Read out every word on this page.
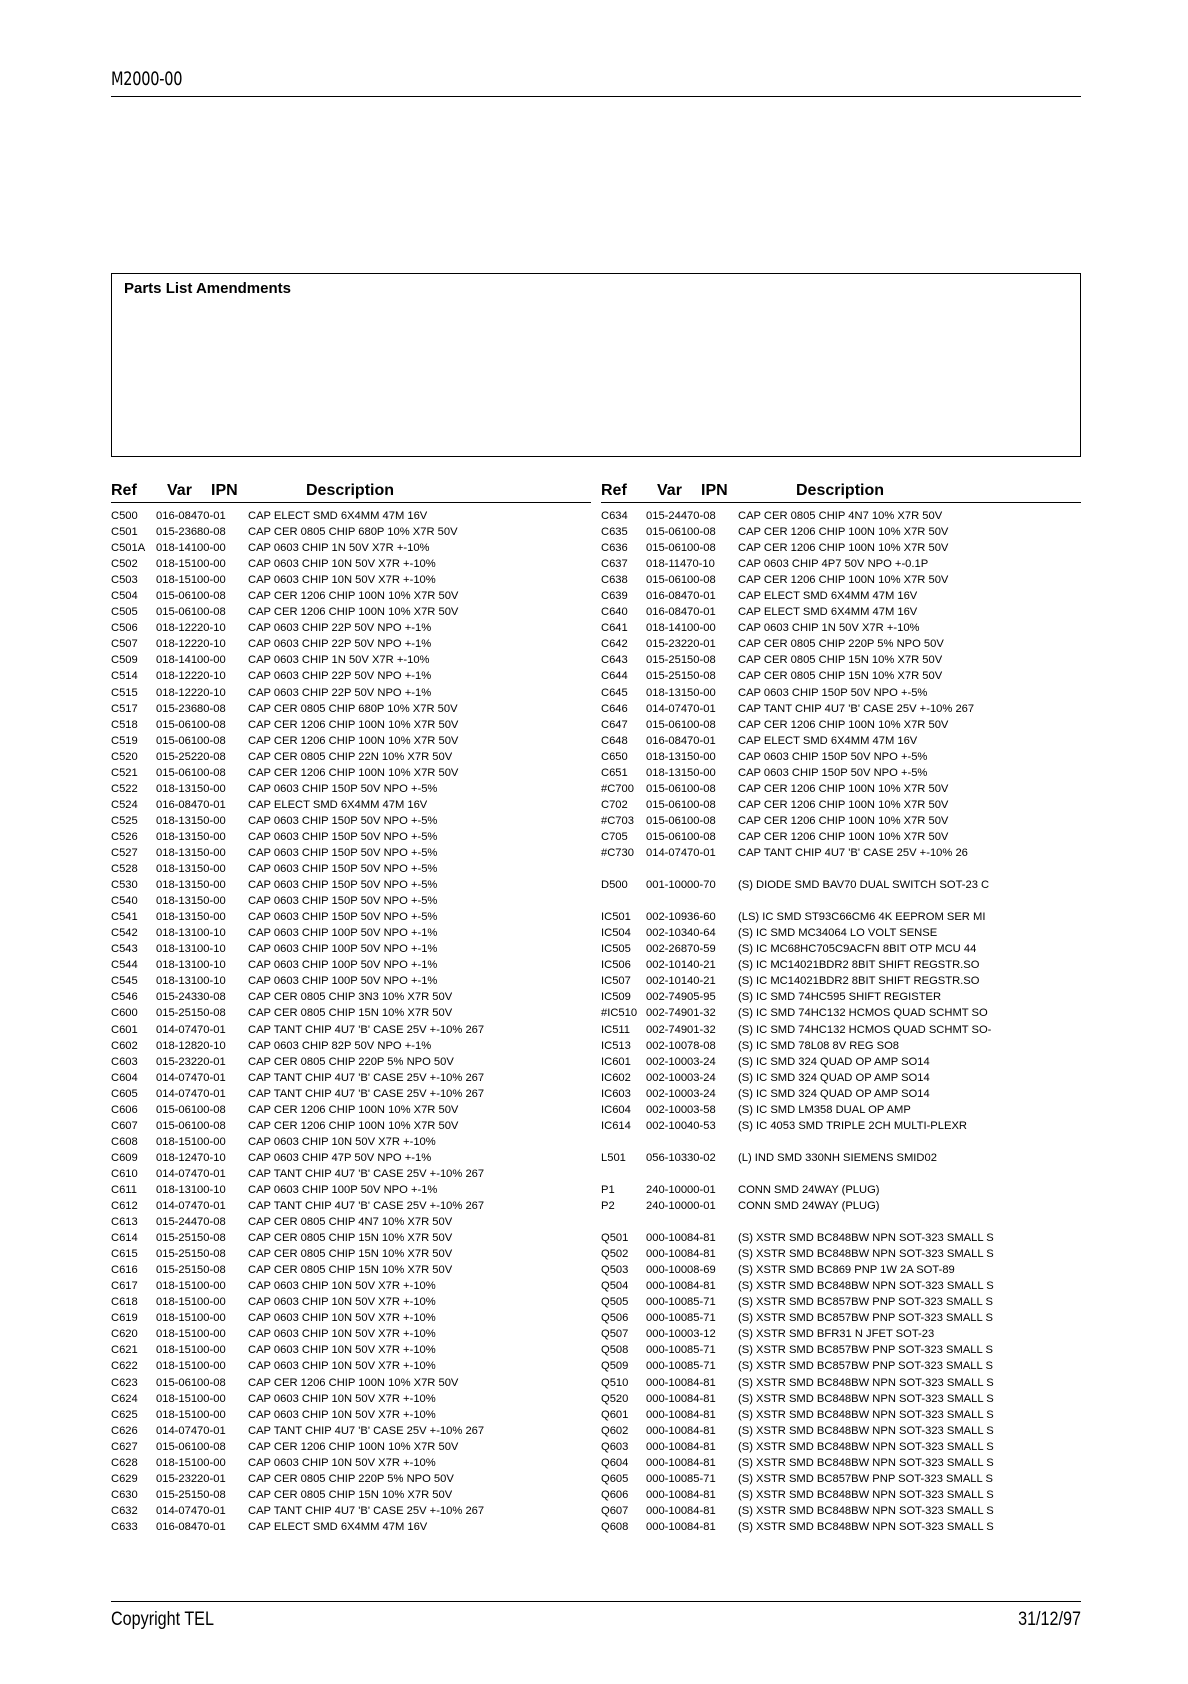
M2000-00
Parts List Amendments
Ref Var IPN	Description
C500 016-08470-01 CAP ELECT SMD 6X4MM 47M 16V
C501 015-23680-08 CAP CER 0805 CHIP 680P 10% X7R 50V
C501A 018-14100-00 CAP 0603 CHIP 1N 50V X7R +-10%
C502 018-15100-00 CAP 0603 CHIP 10N 50V X7R +-10%
C503 018-15100-00 CAP 0603 CHIP 10N 50V X7R +-10%
C504 015-06100-08 CAP CER 1206 CHIP 100N 10% X7R 50V
C505 015-06100-08 CAP CER 1206 CHIP 100N 10% X7R 50V
C506 018-12220-10 CAP 0603 CHIP 22P 50V NPO +-1%
C507 018-12220-10 CAP 0603 CHIP 22P 50V NPO +-1%
C509 018-14100-00 CAP 0603 CHIP 1N 50V X7R +-10%
C514 018-12220-10 CAP 0603 CHIP 22P 50V NPO +-1%
C515 018-12220-10 CAP 0603 CHIP 22P 50V NPO +-1%
C517 015-23680-08 CAP CER 0805 CHIP 680P 10% X7R 50V
C518 015-06100-08 CAP CER 1206 CHIP 100N 10% X7R 50V
C519 015-06100-08 CAP CER 1206 CHIP 100N 10% X7R 50V
C520 015-25220-08 CAP CER 0805 CHIP 22N 10% X7R 50V
C521 015-06100-08 CAP CER 1206 CHIP 100N 10% X7R 50V
C522 018-13150-00 CAP 0603 CHIP 150P 50V NPO +-5%
C524 016-08470-01 CAP ELECT SMD 6X4MM 47M 16V
C525 018-13150-00 CAP 0603 CHIP 150P 50V NPO +-5%
C526 018-13150-00 CAP 0603 CHIP 150P 50V NPO +-5%
C527 018-13150-00 CAP 0603 CHIP 150P 50V NPO +-5%
C528 018-13150-00 CAP 0603 CHIP 150P 50V NPO +-5%
C530 018-13150-00 CAP 0603 CHIP 150P 50V NPO +-5%
C540 018-13150-00 CAP 0603 CHIP 150P 50V NPO +-5%
C541 018-13150-00 CAP 0603 CHIP 150P 50V NPO +-5%
C542 018-13100-10 CAP 0603 CHIP 100P 50V NPO +-1%
C543 018-13100-10 CAP 0603 CHIP 100P 50V NPO +-1%
C544 018-13100-10 CAP 0603 CHIP 100P 50V NPO +-1%
C545 018-13100-10 CAP 0603 CHIP 100P 50V NPO +-1%
C546 015-24330-08 CAP CER 0805 CHIP 3N3 10% X7R 50V
C600 015-25150-08 CAP CER 0805 CHIP 15N 10% X7R 50V
C601 014-07470-01 CAP TANT CHIP 4U7 'B' CASE 25V +-10% 267
C602 018-12820-10 CAP 0603 CHIP 82P 50V NPO +-1%
C603 015-23220-01 CAP CER 0805 CHIP 220P 5% NPO 50V
C604 014-07470-01 CAP TANT CHIP 4U7 'B' CASE 25V +-10% 267
C605 014-07470-01 CAP TANT CHIP 4U7 'B' CASE 25V +-10% 267
C606 015-06100-08 CAP CER 1206 CHIP 100N 10% X7R 50V
C607 015-06100-08 CAP CER 1206 CHIP 100N 10% X7R 50V
C608 018-15100-00 CAP 0603 CHIP 10N 50V X7R +-10%
C609 018-12470-10 CAP 0603 CHIP 47P 50V NPO +-1%
C610 014-07470-01 CAP TANT CHIP 4U7 'B' CASE 25V +-10% 267
C611 018-13100-10 CAP 0603 CHIP 100P 50V NPO +-1%
C612 014-07470-01 CAP TANT CHIP 4U7 'B' CASE 25V +-10% 267
C613 015-24470-08 CAP CER 0805 CHIP 4N7 10% X7R 50V
C614 015-25150-08 CAP CER 0805 CHIP 15N 10% X7R 50V
C615 015-25150-08 CAP CER 0805 CHIP 15N 10% X7R 50V
C616 015-25150-08 CAP CER 0805 CHIP 15N 10% X7R 50V
C617 018-15100-00 CAP 0603 CHIP 10N 50V X7R +-10%
C618 018-15100-00 CAP 0603 CHIP 10N 50V X7R +-10%
C619 018-15100-00 CAP 0603 CHIP 10N 50V X7R +-10%
C620 018-15100-00 CAP 0603 CHIP 10N 50V X7R +-10%
C621 018-15100-00 CAP 0603 CHIP 10N 50V X7R +-10%
C622 018-15100-00 CAP 0603 CHIP 10N 50V X7R +-10%
C623 015-06100-08 CAP CER 1206 CHIP 100N 10% X7R 50V
C624 018-15100-00 CAP 0603 CHIP 10N 50V X7R +-10%
C625 018-15100-00 CAP 0603 CHIP 10N 50V X7R +-10%
C626 014-07470-01 CAP TANT CHIP 4U7 'B' CASE 25V +-10% 267
C627 015-06100-08 CAP CER 1206 CHIP 100N 10% X7R 50V
C628 018-15100-00 CAP 0603 CHIP 10N 50V X7R +-10%
C629 015-23220-01 CAP CER 0805 CHIP 220P 5% NPO 50V
C630 015-25150-08 CAP CER 0805 CHIP 15N 10% X7R 50V
C632 014-07470-01 CAP TANT CHIP 4U7 'B' CASE 25V +-10% 267
C633 016-08470-01 CAP ELECT SMD 6X4MM 47M 16V
Ref Var IPN	Description
C634 015-24470-08 CAP CER 0805 CHIP 4N7 10% X7R 50V
C635 015-06100-08 CAP CER 1206 CHIP 100N 10% X7R 50V
C636 015-06100-08 CAP CER 1206 CHIP 100N 10% X7R 50V
C637 018-11470-10 CAP 0603 CHIP 4P7 50V NPO +-0.1P
C638 015-06100-08 CAP CER 1206 CHIP 100N 10% X7R 50V
C639 016-08470-01 CAP ELECT SMD 6X4MM 47M 16V
C640 016-08470-01 CAP ELECT SMD 6X4MM 47M 16V
C641 018-14100-00 CAP 0603 CHIP 1N 50V X7R +-10%
C642 015-23220-01 CAP CER 0805 CHIP 220P 5% NPO 50V
C643 015-25150-08 CAP CER 0805 CHIP 15N 10% X7R 50V
C644 015-25150-08 CAP CER 0805 CHIP 15N 10% X7R 50V
C645 018-13150-00 CAP 0603 CHIP 150P 50V NPO +-5%
C646 014-07470-01 CAP TANT CHIP 4U7 'B' CASE 25V +-10% 267
C647 015-06100-08 CAP CER 1206 CHIP 100N 10% X7R 50V
C648 016-08470-01 CAP ELECT SMD 6X4MM 47M 16V
C650 018-13150-00 CAP 0603 CHIP 150P 50V NPO +-5%
C651 018-13150-00 CAP 0603 CHIP 150P 50V NPO +-5%
#C700 015-06100-08 CAP CER 1206 CHIP 100N 10% X7R 50V
C702 015-06100-08 CAP CER 1206 CHIP 100N 10% X7R 50V
#C703 015-06100-08 CAP CER 1206 CHIP 100N 10% X7R 50V
C705 015-06100-08 CAP CER 1206 CHIP 100N 10% X7R 50V
#C730 014-07470-01 CAP TANT CHIP 4U7 'B' CASE 25V +-10% 26
D500 001-10000-70 (S) DIODE SMD BAV70 DUAL SWITCH SOT-23 C
IC501 002-10936-60 (LS) IC SMD ST93C66CM6 4K EEPROM SER MI
IC504 002-10340-64 (S) IC SMD MC34064 LO VOLT SENSE
IC505 002-26870-59 (S) IC MC68HC705C9ACFN 8BIT OTP MCU 44
IC506 002-10140-21 (S) IC MC14021BDR2 8BIT SHIFT REGSTR.SO
IC507 002-10140-21 (S) IC MC14021BDR2 8BIT SHIFT REGSTR.SO
IC509 002-74905-95 (S) IC SMD 74HC595 SHIFT REGISTER
#IC510 002-74901-32 (S) IC SMD 74HC132 HCMOS QUAD SCHMT SO
IC511 002-74901-32 (S) IC SMD 74HC132 HCMOS QUAD SCHMT SO-
IC513 002-10078-08 (S) IC SMD 78L08 8V REG SO8
IC601 002-10003-24 (S) IC SMD 324 QUAD OP AMP SO14
IC602 002-10003-24 (S) IC SMD 324 QUAD OP AMP SO14
IC603 002-10003-24 (S) IC SMD 324 QUAD OP AMP SO14
IC604 002-10003-58 (S) IC SMD LM358 DUAL OP AMP
IC614 002-10040-53 (S) IC 4053 SMD TRIPLE 2CH MULTI-PLEXR
L501 056-10330-02 (L) IND SMD 330NH SIEMENS SMID02
P1	240-10000-01 CONN SMD 24WAY (PLUG)
P2	240-10000-01 CONN SMD 24WAY (PLUG)
Q501 000-10084-81 (S) XSTR SMD BC848BW NPN SOT-323 SMALL S
Q502 000-10084-81 (S) XSTR SMD BC848BW NPN SOT-323 SMALL S
Q503 000-10008-69 (S) XSTR SMD BC869 PNP 1W 2A SOT-89
Q504 000-10084-81 (S) XSTR SMD BC848BW NPN SOT-323 SMALL S
Q505 000-10085-71 (S) XSTR SMD BC857BW PNP SOT-323 SMALL S
Q506 000-10085-71 (S) XSTR SMD BC857BW PNP SOT-323 SMALL S
Q507 000-10003-12 (S) XSTR SMD BFR31 N JFET SOT-23
Q508 000-10085-71 (S) XSTR SMD BC857BW PNP SOT-323 SMALL S
Q509 000-10085-71 (S) XSTR SMD BC857BW PNP SOT-323 SMALL S
Q510 000-10084-81 (S) XSTR SMD BC848BW NPN SOT-323 SMALL S
Q520 000-10084-81 (S) XSTR SMD BC848BW NPN SOT-323 SMALL S
Q601 000-10084-81 (S) XSTR SMD BC848BW NPN SOT-323 SMALL S
Q602 000-10084-81 (S) XSTR SMD BC848BW NPN SOT-323 SMALL S
Q603 000-10084-81 (S) XSTR SMD BC848BW NPN SOT-323 SMALL S
Q604 000-10084-81 (S) XSTR SMD BC848BW NPN SOT-323 SMALL S
Q605 000-10085-71 (S) XSTR SMD BC857BW PNP SOT-323 SMALL S
Q606 000-10084-81 (S) XSTR SMD BC848BW NPN SOT-323 SMALL S
Q607 000-10084-81 (S) XSTR SMD BC848BW NPN SOT-323 SMALL S
Q608 000-10084-81 (S) XSTR SMD BC848BW NPN SOT-323 SMALL S
Copyright TEL	31/12/97
